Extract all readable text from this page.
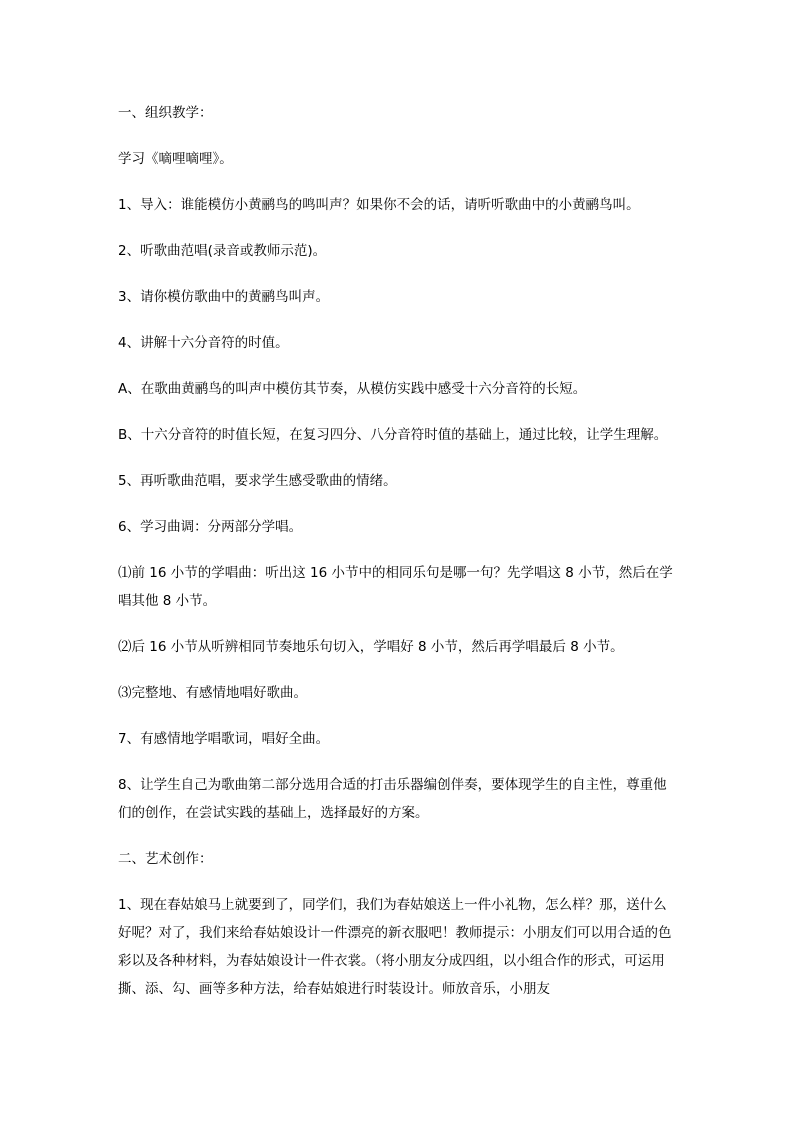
一、组织教学：

学习《嘀哩嘀哩》。

1、导入：谁能模仿小黄鹂鸟的鸣叫声？如果你不会的话，请听听歌曲中的小黄鹂鸟叫。

2、听歌曲范唱(录音或教师示范)。

3、请你模仿歌曲中的黄鹂鸟叫声。

4、讲解十六分音符的时值。

A、在歌曲黄鹂鸟的叫声中模仿其节奏，从模仿实践中感受十六分音符的长短。

B、十六分音符的时值长短，在复习四分、八分音符时值的基础上，通过比较，让学生理解。

5、再听歌曲范唱，要求学生感受歌曲的情绪。

6、学习曲调：分两部分学唱。

⑴前 16 小节的学唱曲：听出这 16 小节中的相同乐句是哪一句？先学唱这 8 小节，然后在学唱其他 8 小节。

⑵后 16 小节从听辨相同节奏地乐句切入，学唱好 8 小节，然后再学唱最后 8 小节。

⑶完整地、有感情地唱好歌曲。

7、有感情地学唱歌词，唱好全曲。

8、让学生自己为歌曲第二部分选用合适的打击乐器编创伴奏，要体现学生的自主性，尊重他们的创作，在尝试实践的基础上，选择最好的方案。

二、艺术创作：

1、现在春姑娘马上就要到了，同学们，我们为春姑娘送上一件小礼物，怎么样？那，送什么好呢？对了，我们来给春姑娘设计一件漂亮的新衣服吧！教师提示：小朋友们可以用合适的色彩以及各种材料，为春姑娘设计一件衣裳。（将小朋友分成四组，以小组合作的形式，可运用撕、添、勾、画等多种方法，给春姑娘进行时装设计。师放音乐，小朋友
